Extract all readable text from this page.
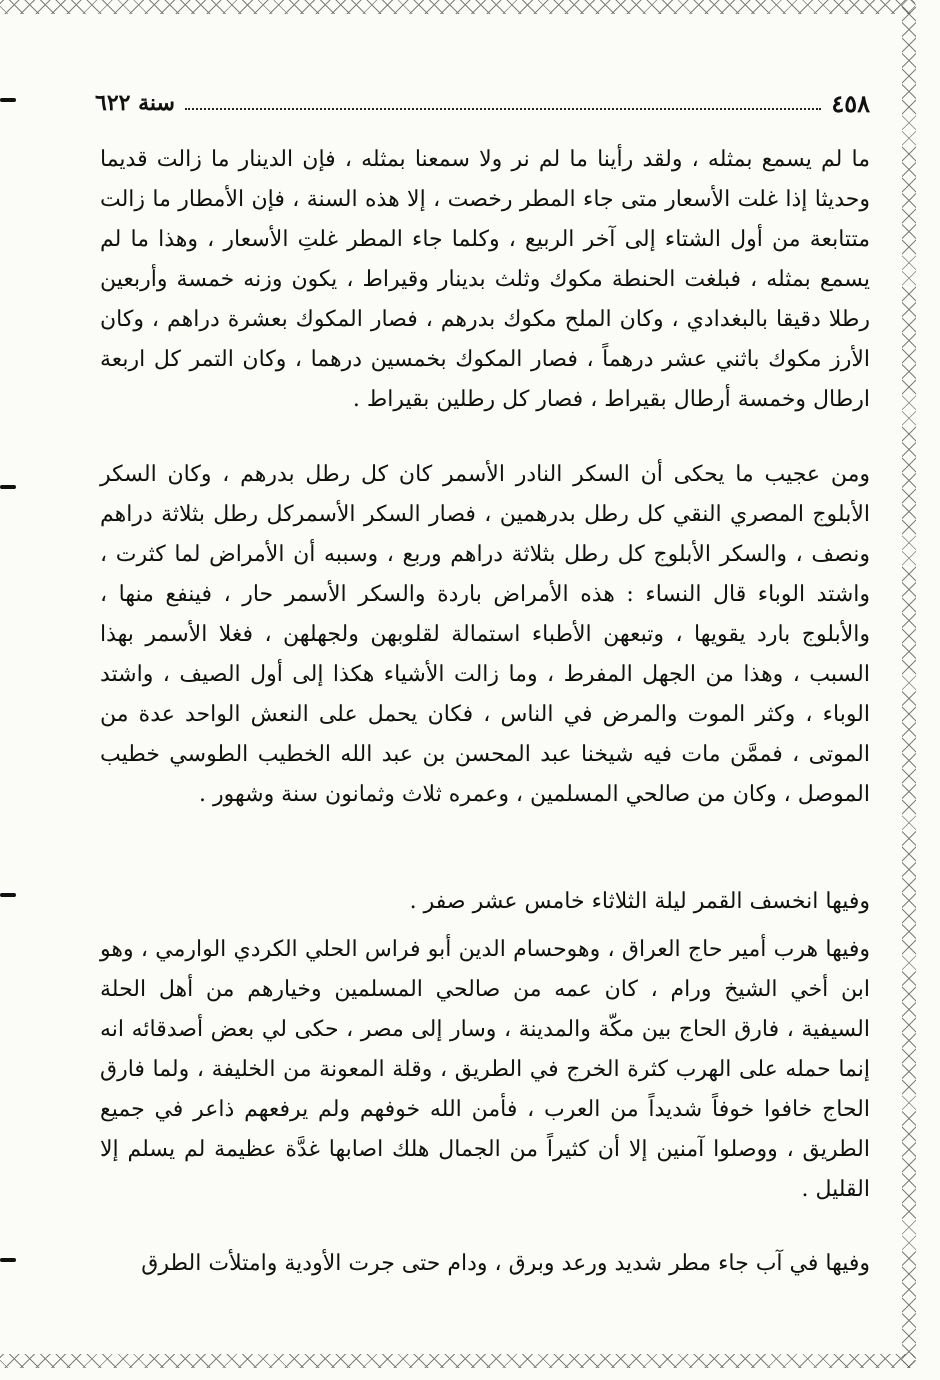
٤٥٨
سنة ٦٢٢

ما لم يسمع بمثله ، ولقد رأينا ما لم نر ولا سمعنا بمثله ، فإن الدينار ما زالت قديما وحديثا إذا غلت الأسعار متى جاء المطر رخصت ، إلا هذه السنة ، فإن الأمطار ما زالت متتابعة من أول الشتاء إلى آخر الربيع ، وكلما جاء المطر غلتِ الأسعار ، وهذا ما لم يسمع بمثله ، فبلغت الحنطة مكوك وثلث بدينار وقيراط ، يكون وزنه خمسة وأربعين رطلا دقيقا بالبغدادي ، وكان الملح مكوك بدرهم ، فصار المكوك بعشرة دراهم ، وكان الأرز مكوك باثني عشر درهماً ، فصار المكوك بخمسين درهما ، وكان التمر كل اربعة ارطال وخمسة أرطال بقيراط ، فصار كل رطلين بقيراط .

ومن عجيب ما يحكى أن السكر النادر الأسمر كان كل رطل بدرهم ، وكان السكر الأبلوج المصري النقي كل رطل بدرهمين ، فصار السكر الأسمركل رطل بثلاثة دراهم ونصف ، والسكر الأبلوج كل رطل بثلاثة دراهم وربع ، وسببه أن الأمراض لما كثرت ، واشتد الوباء قال النساء : هذه الأمراض باردة والسكر الأسمر حار ، فينفع منها ، والأبلوج بارد يقويها ، وتبعهن الأطباء استمالة لقلوبهن ولجهلهن ، فغلا الأسمر بهذا السبب ، وهذا من الجهل المفرط ، وما زالت الأشياء هكذا إلى أول الصيف ، واشتد الوباء ، وكثر الموت والمرض في الناس ، فكان يحمل على النعش الواحد عدة من الموتى ، فممَّن مات فيه شيخنا عبد المحسن بن عبد الله الخطيب الطوسي خطيب الموصل ، وكان من صالحي المسلمين ، وعمره ثلاث وثمانون سنة وشهور .

وفيها انخسف القمر ليلة الثلاثاء خامس عشر صفر .

وفيها هرب أمير حاج العراق ، وهوحسام الدين أبو فراس الحلي الكردي الوارمي ، وهو ابن أخي الشيخ ورام ، كان عمه من صالحي المسلمين وخيارهم من أهل الحلة السيفية ، فارق الحاج بين مكّة والمدينة ، وسار إلى مصر ، حكى لي بعض أصدقائه انه إنما حمله على الهرب كثرة الخرج في الطريق ، وقلة المعونة من الخليفة ، ولما فارق الحاج خافوا خوفاً شديداً من العرب ، فأمن الله خوفهم ولم يرفعهم ذاعر في جميع الطريق ، ووصلوا آمنين إلا أن كثيراً من الجمال هلك اصابها غدَّة عظيمة لم يسلم إلا القليل .

وفيها في آب جاء مطر شديد ورعد وبرق ، ودام حتى جرت الأودية وامتلأت الطرق
